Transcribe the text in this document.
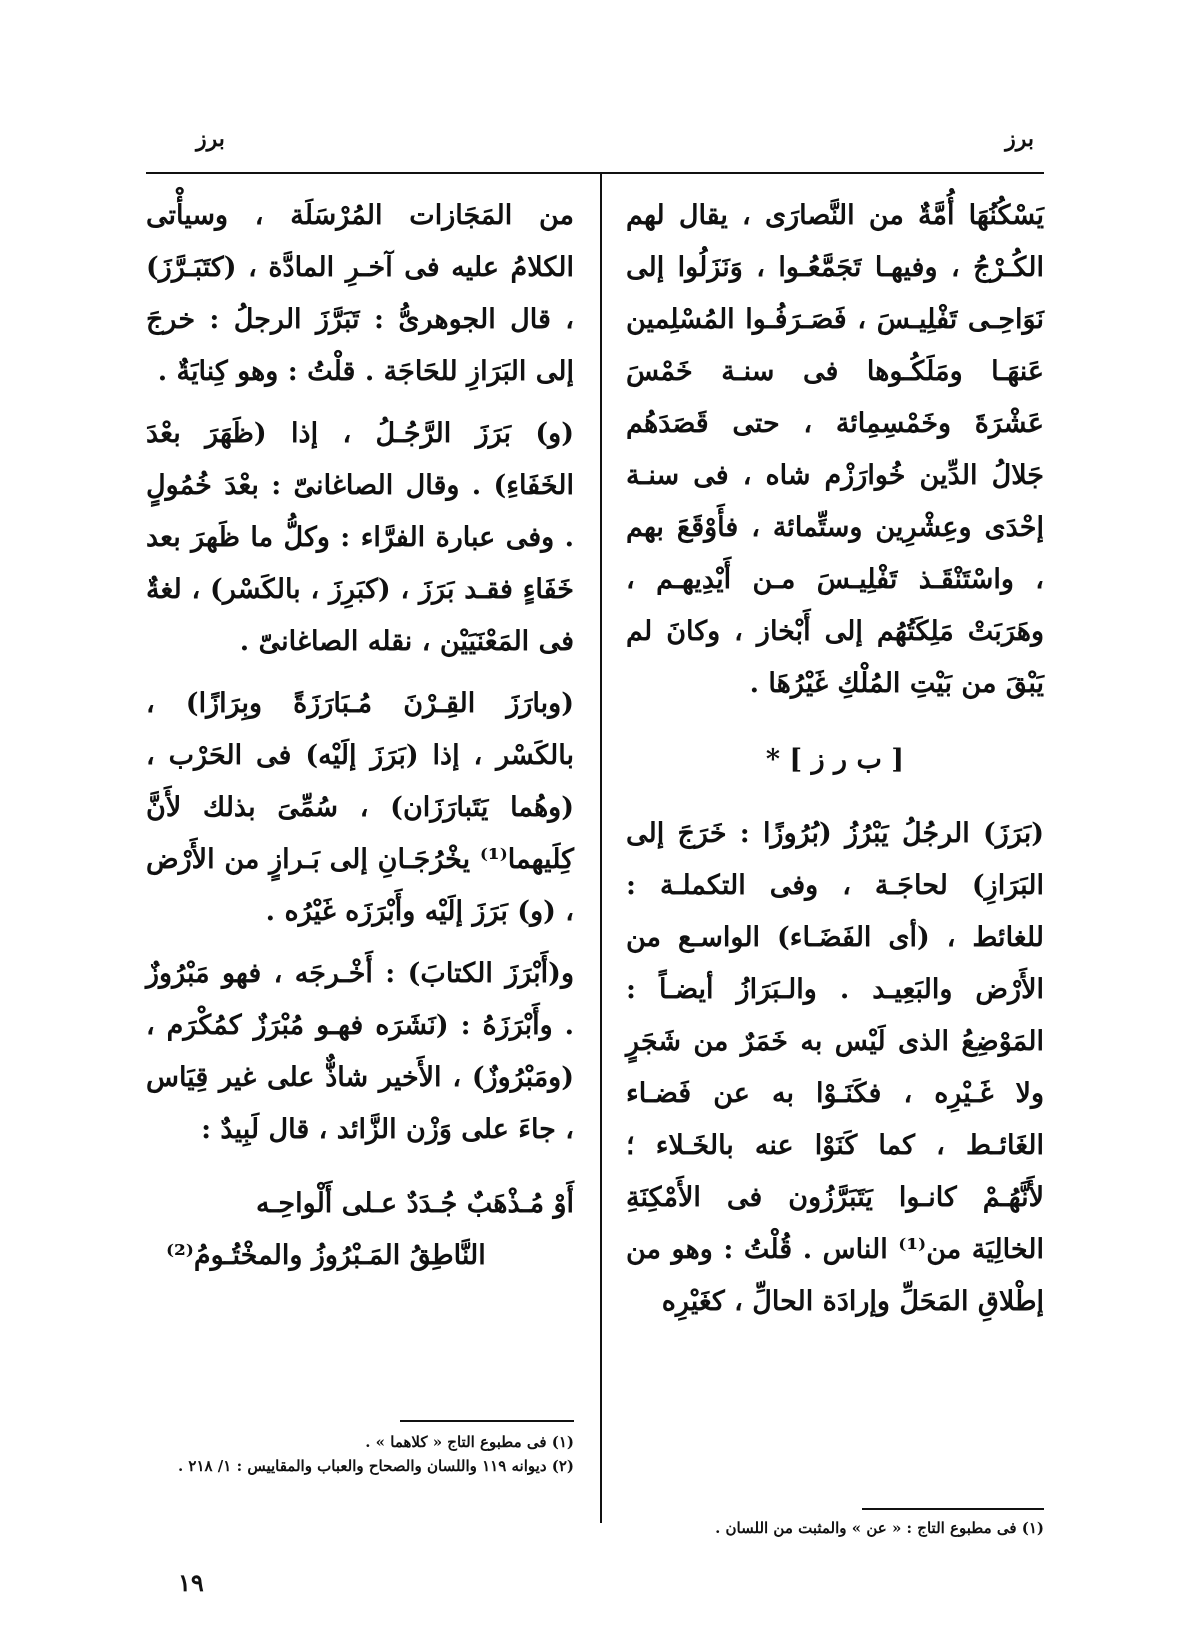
برز
برز

يَسْكُنُهَا أُمَّةٌ من النَّصارَى ، يقال لهم الكُـرْجُ ، وفيهـا تَجَمَّعُـوا ، وَنَزَلُوا إلى نَوَاحِـى تَفْلِيـسَ ، فَصَـرَفُـوا المُسْلِمين عَنهَـا ومَلَكُـوها فى سنـة خَمْسَ عَشْرَةَ وخَمْسِمِائة ، حتى قَصَدَهُم جَلالُ الدِّين خُوارَزْم شاه ، فى سنـة إحْدَى وعِشْرِين وستِّمائة ، فأَوْقَعَ بهم ، واسْتَنْقَـذ تَفْلِيـسَ مـن أَيْدِيهـم ، وهَرَبَتْ مَلِكَتُهُم إلى أَبْخاز ، وكانَ لم يَبْقَ من بَيْتِ المُلْكِ غَيْرُهَا .

[ ب ر ز ] *

(بَرَزَ) الرجُلُ يَبْرُزُ (بُرُوزًا : خَرَجَ إلى البَرَازِ) لحاجَـة ، وفى التكملـة : للغائط ، (أى الفَضَـاء) الواسـع من الأَرْض والبَعِيـد . والـبَرَازُ أيضـاً : المَوْضِعُ الذى لَيْس به خَمَرٌ من شَجَرٍ ولا غَـيْرِه ، فكَنَـوْا به عن فَضـاء الغَائـط ، كما كَنَوْا عنه بالخَـلاء ؛ لأَنَّهُـمْ كانـوا يَتَبَرَّزُون فى الأَمْكِنَةِ الخالِيَة من⁽¹⁾ الناس . قُلْتُ : وهو من إطْلاقِ المَحَلِّ وإرادَة الحالِّ ، كغَيْرِه

من المَجَازات المُرْسَلَة ، وسيأْتى الكلامُ عليه فى آخـرِ المادَّة ، (كتَبَـرَّزَ) ، قال الجوهرىُّ : تَبَرَّزَ الرجلُ : خرجَ إلى البَرَازِ للحَاجَة . قلْتُ : وهو كِنايَةٌ .

(و) بَرَزَ الرَّجُـلُ ، إذا (ظَهَرَ بعْدَ الخَفَاءِ) . وقال الصاغانىّ : بعْدَ خُمُولٍ . وفى عبارة الفرَّاء : وكلُّ ما ظَهرَ بعد خَفَاءٍ فقـد بَرَزَ ، (كبَرِزَ ، بالكَسْر) ، لغةٌ فى المَعْنَيَيْن ، نقله الصاغانىّ .

(وبارَزَ القِـرْنَ مُـبَارَزَةً وبِرَازًا) ، بالكَسْر ، إذا (بَرَزَ إلَيْه) فى الحَرْب ، (وهُما يَتَبارَزَان) ، سُمِّىَ بذلك لأَنَّ كِلَيهما⁽¹⁾ يخْرُجَـانِ إلى بَـرازٍ من الأَرْض ، (و) بَرَزَ إلَيْه وأَبْرَزَه غَيْرُه .

و(أَبْرَزَ الكتابَ) : أَخْـرجَه ، فهو مَبْرُوزٌ . وأَبْرَزَهُ : (نَشَرَه فهـو مُبْرَزٌ كمُكْرَم ، (ومَبْرُوزٌ) ، الأَخير شاذٌّ على غير قِيَاس ، جاءَ على وَزْن الزَّائد ، قال لَبِيدٌ :

أَوْ مُـذْهَبٌ جُـدَدٌ عـلى أَلْواحِـه
النَّاطِقُ المَـبْرُوزُ والمخْتُـومُ⁽²⁾
(١) فى مطبوع التاج : « عن » والمثبت من اللسان .
(١) فى مطبوع التاج « كلاهما » .
(٢) ديوانه ١١٩ واللسان والصحاح والعباب والمقاييس : ١/ ٢١٨ .
١٩
